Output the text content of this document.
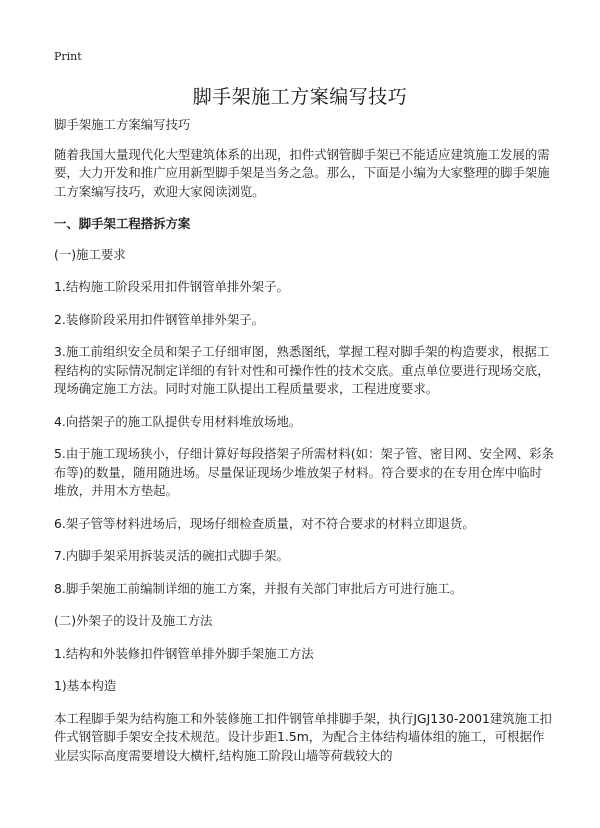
Print
脚手架施工方案编写技巧

脚手架施工方案编写技巧

随着我国大量现代化大型建筑体系的出现，扣件式钢管脚手架已不能适应建筑施工发展的需要，大力开发和推广应用新型脚手架是当务之急。那么，下面是小编为大家整理的脚手架施工方案编写技巧，欢迎大家阅读浏览。

一、脚手架工程搭拆方案

(一)施工要求

1.结构施工阶段采用扣件钢管单排外架子。

2.装修阶段采用扣件钢管单排外架子。

3.施工前组织安全员和架子工仔细审图，熟悉图纸，掌握工程对脚手架的构造要求，根据工程结构的实际情况制定详细的有针对性和可操作性的技术交底。重点单位要进行现场交底，现场确定施工方法。同时对施工队提出工程质量要求，工程进度要求。

4.向搭架子的施工队提供专用材料堆放场地。

5.由于施工现场狭小，仔细计算好每段搭架子所需材料(如：架子管、密目网、安全网、彩条布等)的数量，随用随进场。尽量保证现场少堆放架子材料。符合要求的在专用仓库中临时堆放，并用木方垫起。

6.架子管等材料进场后，现场仔细检查质量，对不符合要求的材料立即退货。

7.内脚手架采用拆装灵活的碗扣式脚手架。

8.脚手架施工前编制详细的施工方案，并报有关部门审批后方可进行施工。

(二)外架子的设计及施工方法

1.结构和外装修扣件钢管单排外脚手架施工方法

1)基本构造

本工程脚手架为结构施工和外装修施工扣件钢管单排脚手架，执行JGJ130-2001建筑施工扣件式钢管脚手架安全技术规范。设计步距1.5m，为配合主体结构墙体组的施工，可根据作业层实际高度需要增设大横杆,结构施工阶段山墙等荷载较大的
